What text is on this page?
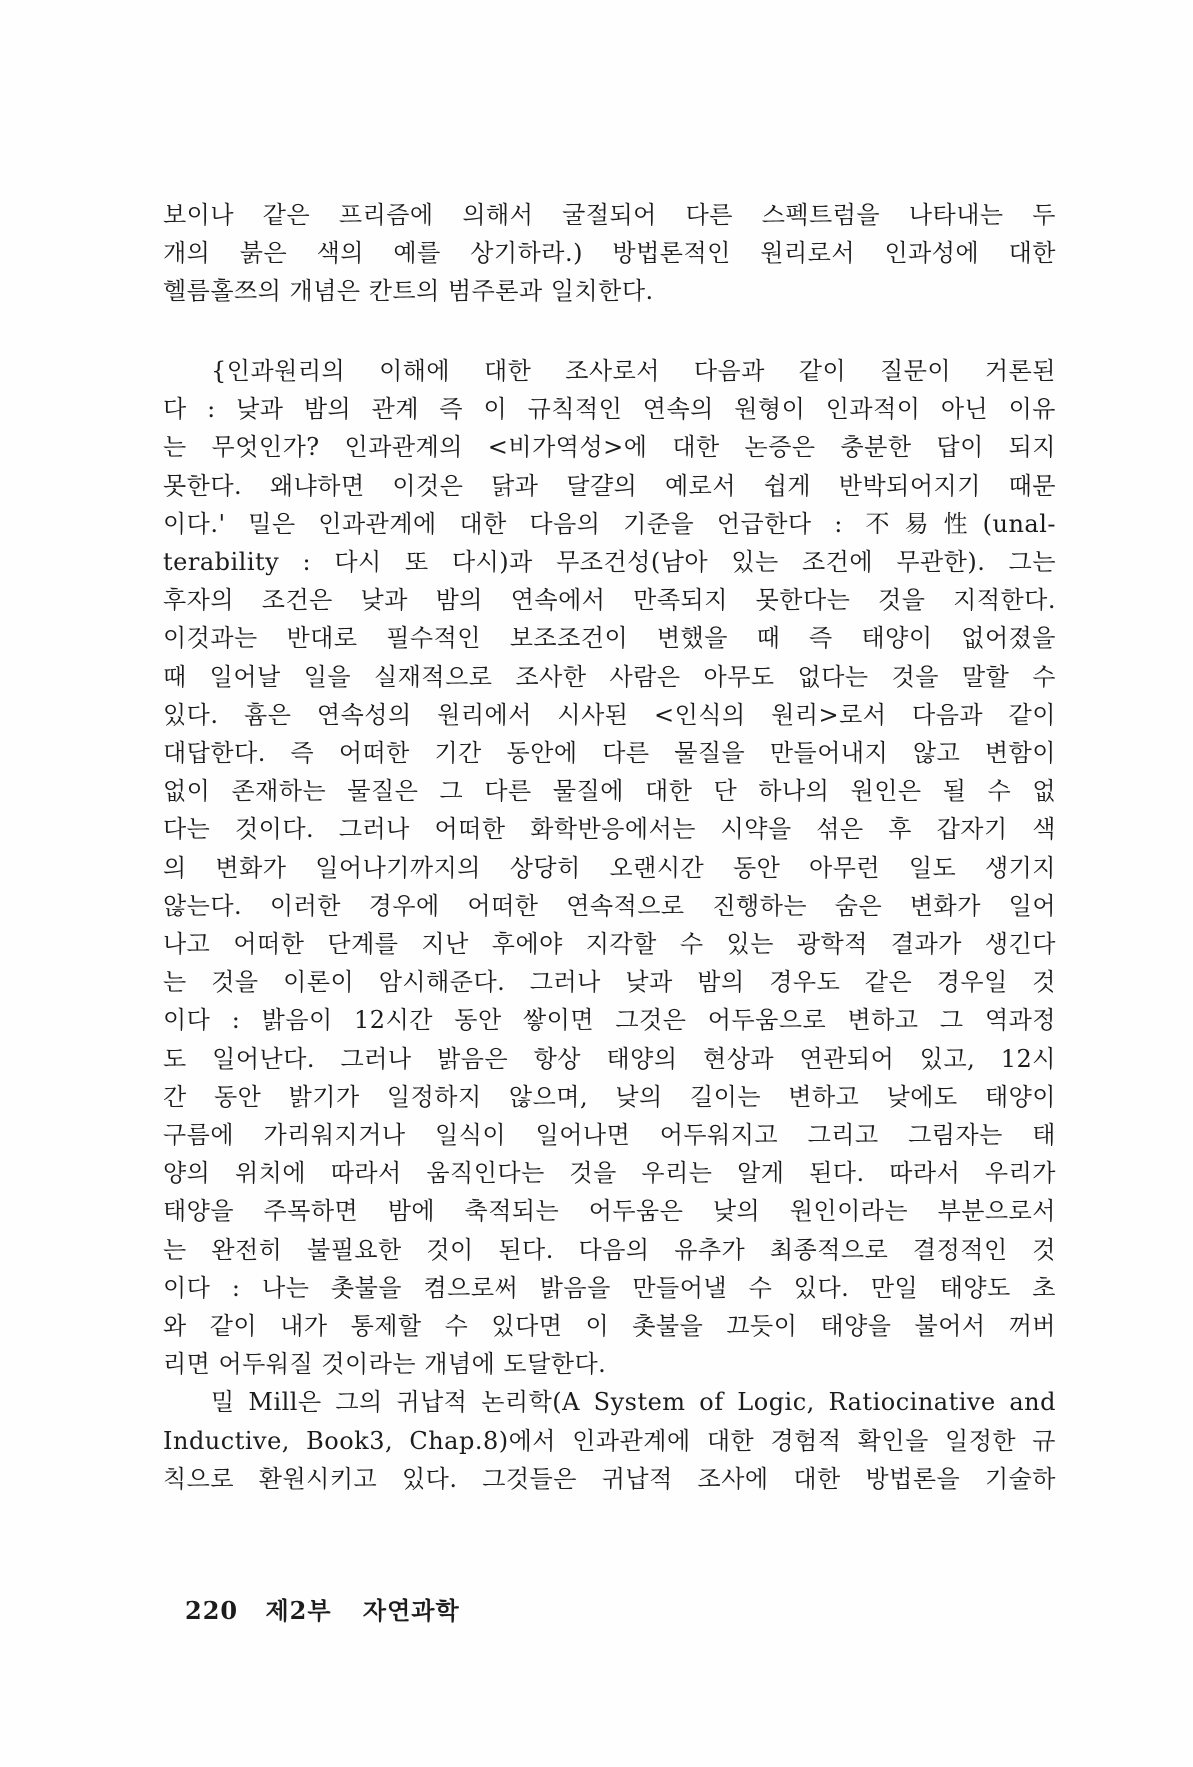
보이나 같은 프리즘에 의해서 굴절되어 다른 스펙트럼을 나타내는 두
개의 붉은 색의 예를 상기하라.) 방법론적인 원리로서 인과성에 대한
헬름홀쯔의 개념은 칸트의 범주론과 일치한다.
{인과원리의 이해에 대한 조사로서 다음과 같이 질문이 거론된
다 : 낮과 밤의 관계 즉 이 규칙적인 연속의 원형이 인과적이 아닌 이유
는 무엇인가? 인과관계의 <비가역성>에 대한 논증은 충분한 답이 되지
못한다. 왜냐하면 이것은 닭과 달걀의 예로서 쉽게 반박되어지기 때문
이다.' 밀은 인과관계에 대한 다음의 기준을 언급한다 : 不易性(unal-
terability : 다시 또 다시)과 무조건성(남아 있는 조건에 무관한). 그는
후자의 조건은 낮과 밤의 연속에서 만족되지 못한다는 것을 지적한다.
이것과는 반대로 필수적인 보조조건이 변했을 때 즉 태양이 없어졌을
때 일어날 일을 실재적으로 조사한 사람은 아무도 없다는 것을 말할 수
있다. 흄은 연속성의 원리에서 시사된 <인식의 원리>로서 다음과 같이
대답한다. 즉 어떠한 기간 동안에 다른 물질을 만들어내지 않고 변함이
없이 존재하는 물질은 그 다른 물질에 대한 단 하나의 원인은 될 수 없
다는 것이다. 그러나 어떠한 화학반응에서는 시약을 섞은 후 갑자기 색
의 변화가 일어나기까지의 상당히 오랜시간 동안 아무런 일도 생기지
않는다. 이러한 경우에 어떠한 연속적으로 진행하는 숨은 변화가 일어
나고 어떠한 단계를 지난 후에야 지각할 수 있는 광학적 결과가 생긴다
는 것을 이론이 암시해준다. 그러나 낮과 밤의 경우도 같은 경우일 것
이다 : 밝음이 12시간 동안 쌓이면 그것은 어두움으로 변하고 그 역과정
도 일어난다. 그러나 밝음은 항상 태양의 현상과 연관되어 있고, 12시
간 동안 밝기가 일정하지 않으며, 낮의 길이는 변하고 낮에도 태양이
구름에 가리워지거나 일식이 일어나면 어두워지고 그리고 그림자는 태
양의 위치에 따라서 움직인다는 것을 우리는 알게 된다. 따라서 우리가
태양을 주목하면 밤에 축적되는 어두움은 낮의 원인이라는 부분으로서
는 완전히 불필요한 것이 된다. 다음의 유추가 최종적으로 결정적인 것
이다 : 나는 촛불을 켬으로써 밝음을 만들어낼 수 있다. 만일 태양도 초
와 같이 내가 통제할 수 있다면 이 촛불을 끄듯이 태양을 불어서 꺼버
리면 어두워질 것이라는 개념에 도달한다.
밀 Mill은 그의 귀납적 논리학(A System of Logic, Ratiocinative and
Inductive, Book3, Chap.8)에서 인과관계에 대한 경험적 확인을 일정한 규
칙으로 환원시키고 있다. 그것들은 귀납적 조사에 대한 방법론을 기술하
220 제2부 자연과학
